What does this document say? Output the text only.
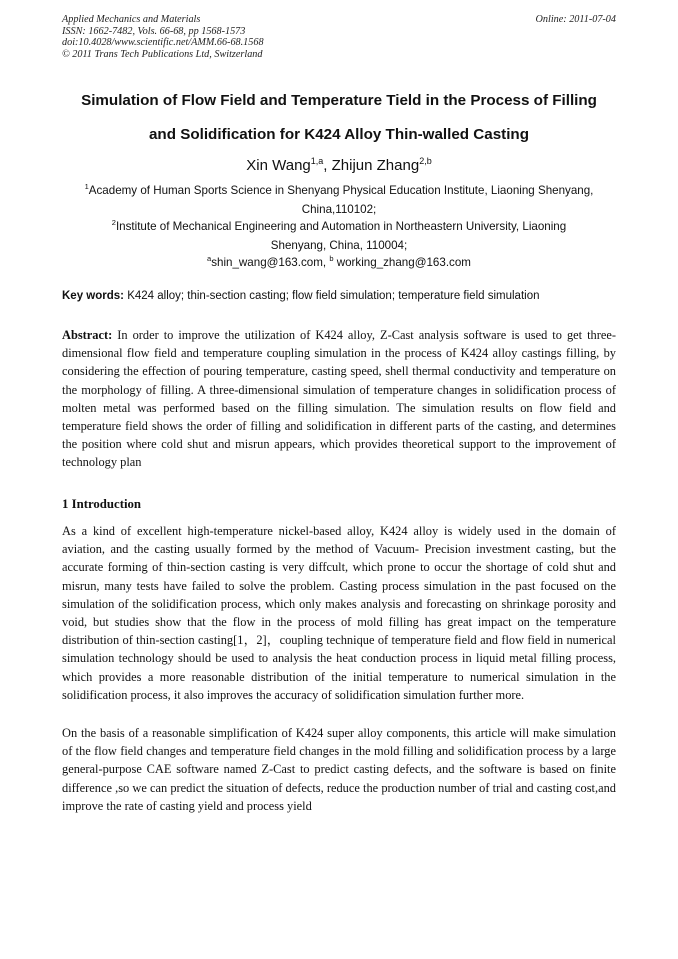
Applied Mechanics and Materials
ISSN: 1662-7482, Vols. 66-68, pp 1568-1573
doi:10.4028/www.scientific.net/AMM.66-68.1568
© 2011 Trans Tech Publications Ltd, Switzerland
Online: 2011-07-04
Simulation of Flow Field and Temperature Tield in the Process of Filling
and Solidification for K424 Alloy Thin-walled Casting
Xin Wang$^{1,a}$, Zhijun Zhang$^{2,b}$
$^1$Academy of Human Sports Science in Shenyang Physical Education Institute, Liaoning Shenyang,
China,110102;
$^2$Institute of Mechanical Engineering and Automation in Northeastern University, Liaoning
Shenyang, China, 110004;
$^a$shin_wang@163.com, $^b$ working_zhang@163.com
Key words: K424 alloy; thin-section casting; flow field simulation; temperature field simulation
Abstract: In order to improve the utilization of K424 alloy, Z-Cast analysis software is used to get three-dimensional flow field and temperature coupling simulation in the process of K424 alloy castings filling, by considering the effection of pouring temperature, casting speed, shell thermal conductivity and temperature on the morphology of filling. A three-dimensional simulation of temperature changes in solidification process of molten metal was performed based on the filling simulation. The simulation results on flow field and temperature field shows the order of filling and solidification in different parts of the casting, and determines the position where cold shut and misrun appears, which provides theoretical support to the improvement of technology plan
1 Introduction

As a kind of excellent high-temperature nickel-based alloy, K424 alloy is widely used in the domain of aviation, and the casting usually formed by the method of Vacuum- Precision investment casting, but the accurate forming of thin-section casting is very diffcult, which prone to occur the shortage of cold shut and misrun, many tests have failed to solve the problem. Casting process simulation in the past focused on the simulation of the solidification process, which only makes analysis and forecasting on shrinkage porosity and void, but studies show that the flow in the process of mold filling has great impact on the temperature distribution of thin-section casting[1，2]，coupling technique of temperature field and flow field in numerical simulation technology should be used to analysis the heat conduction process in liquid metal filling process, which provides a more reasonable distribution of the initial temperature to numerical simulation in the solidification process, it also improves the accuracy of solidification simulation further more.

On the basis of a reasonable simplification of K424 super alloy components, this article will make simulation of the flow field changes and temperature field changes in the mold filling and solidification process by a large general-purpose CAE software named Z-Cast to predict casting defects, and the software is based on finite difference ,so we can predict the situation of defects, reduce the production number of trial and casting cost,and improve the rate of casting yield and process yield
